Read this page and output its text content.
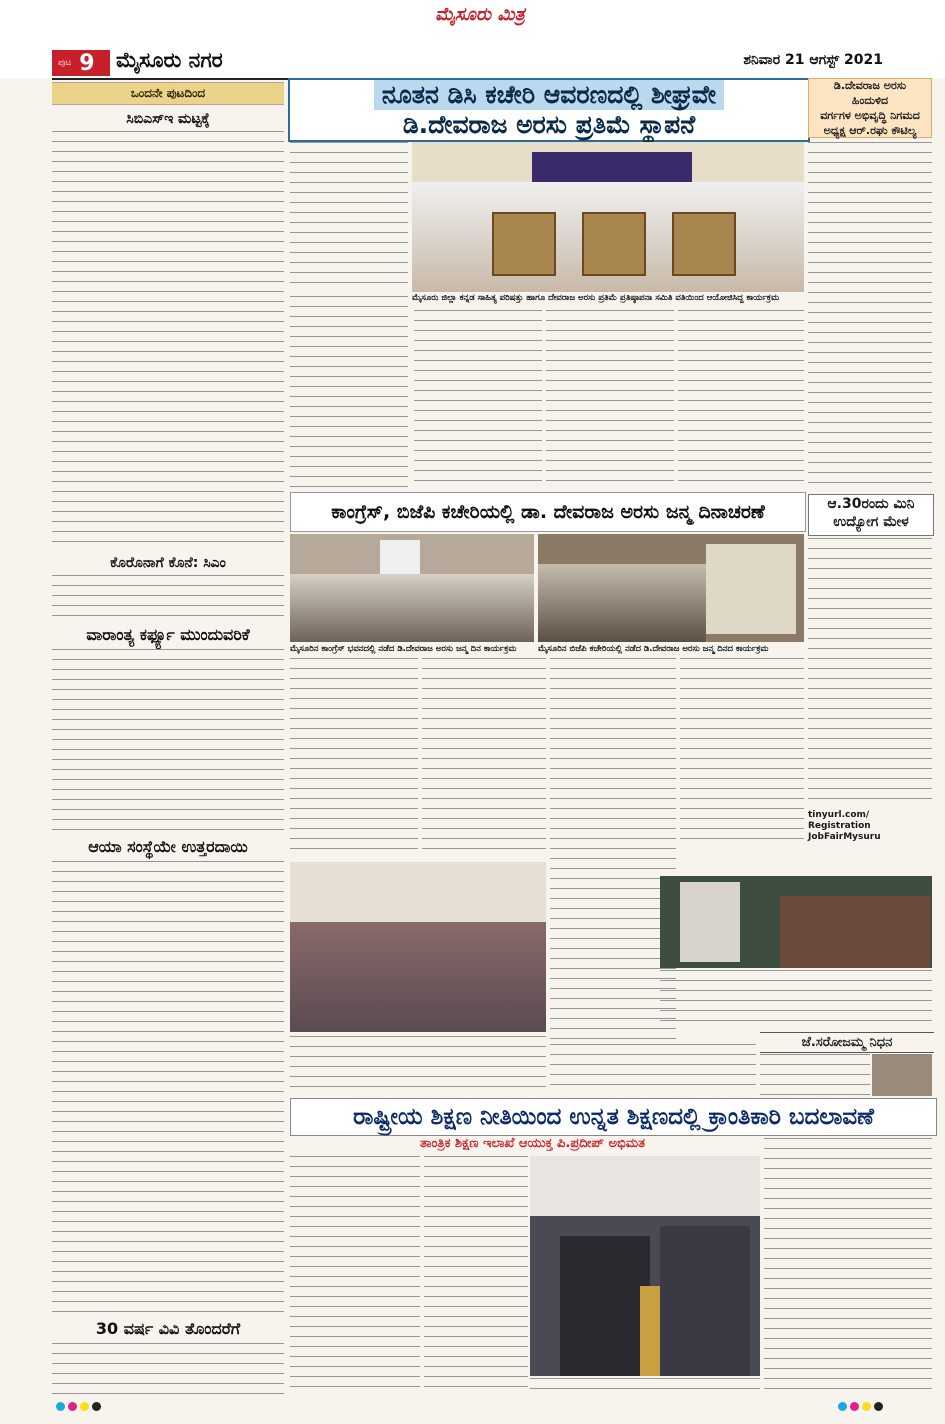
ಪುಟ 9 ಮೈಸೂರು ನಗರ
ಮೈಸೂರು ಮಿತ್ರ
ಶನಿವಾರ 21 ಆಗಸ್ಟ್ 2021
ಒಂದನೇ ಪುಟದಿಂದ
ಸಿಬಿಎಸ್‌ಇ ಮಟ್ಟಕ್ಕೆ
ಕೊರೊನಾಗೆ ಕೊನೆ: ಸಿಎಂ
ವಾರಾಂತ್ಯ ಕರ್ಫ್ಯೂ ಮುಂದುವರಿಕೆ
ಆಯಾ ಸಂಸ್ಥೆಯೇ ಉತ್ತರದಾಯಿ
30 ವರ್ಷ ವಿವಿ ತೊಂದರೆಗೆ
ನೂತನ ಡಿಸಿ ಕಚೇರಿ ಆವರಣದಲ್ಲಿ ಶೀಘ್ರವೇ
ಡಿ.ದೇವರಾಜ ಅರಸು ಪ್ರತಿಮೆ ಸ್ಥಾಪನೆ
ಡಿ.ದೇವರಾಜ ಅರಸು ಹಿಂದುಳಿದ
ವರ್ಗಗಳ ಅಭಿವೃದ್ಧಿ ನಿಗಮದ
ಅಧ್ಯಕ್ಷ ಆರ್.ರಘು ಕೌಟಿಲ್ಯ
ಮೈಸೂರು ಜಿಲ್ಲಾ ಕನ್ನಡ ಸಾಹಿತ್ಯ ಪರಿಷತ್ತು ಹಾಗೂ ದೇವರಾಜ ಅರಸು ಪ್ರತಿಮೆ ಪ್ರತಿಷ್ಠಾಪನಾ ಸಮಿತಿ ವತಿಯಿಂದ ಆಯೋಜಿಸಿದ್ದ ಕಾರ್ಯಕ್ರಮ
ಕಾಂಗ್ರೆಸ್, ಬಿಜೆಪಿ ಕಚೇರಿಯಲ್ಲಿ ಡಾ. ದೇವರಾಜ ಅರಸು ಜನ್ಮ ದಿನಾಚರಣೆ
ಮೈಸೂರಿನ ಕಾಂಗ್ರೆಸ್ ಭವನದಲ್ಲಿ ನಡೆದ ಡಿ.ದೇವರಾಜ ಅರಸು ಜನ್ಮ ದಿನ ಕಾರ್ಯಕ್ರಮ	ಮೈಸೂರಿನ ಬಿಜೆಪಿ ಕಚೇರಿಯಲ್ಲಿ ನಡೆದ ಡಿ.ದೇವರಾಜ ಅರಸು ಜನ್ಮ ದಿನದ ಕಾರ್ಯಕ್ರಮ
ಆ.30ರಂದು ಮಿನಿ
ಉದ್ಯೋಗ ಮೇಳ
tinyurl.com/ Registration JobFairMysuru
ಜೆ.ಸರೋಜಮ್ಮ ನಿಧನ
ರಾಷ್ಟ್ರೀಯ ಶಿಕ್ಷಣ ನೀತಿಯಿಂದ ಉನ್ನತ ಶಿಕ್ಷಣದಲ್ಲಿ ಕ್ರಾಂತಿಕಾರಿ ಬದಲಾವಣೆ
ತಾಂತ್ರಿಕ ಶಿಕ್ಷಣ ಇಲಾಖೆ ಆಯುಕ್ತ ಪಿ.ಪ್ರದೀಪ್ ಅಭಿಮತ
